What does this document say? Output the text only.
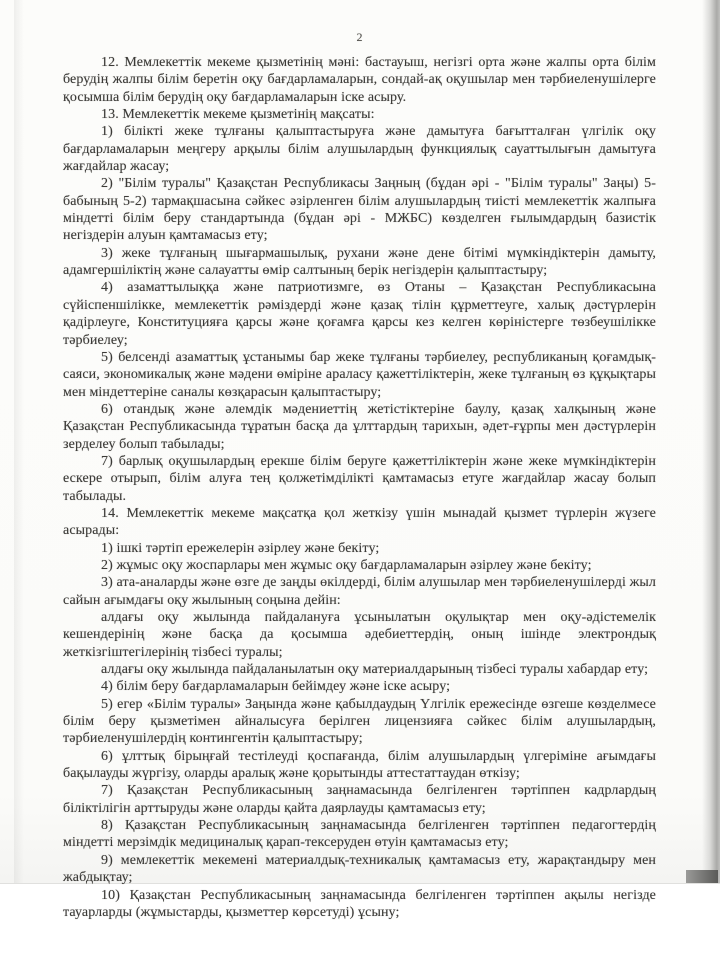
2

12. Мемлекеттік мекеме қызметінің мәні: бастауыш, негізгі орта және жалпы орта білім берудің жалпы білім беретін оқу бағдарламаларын, сондай-ақ оқушылар мен тәрбиеленушілерге қосымша білім берудің оқу бағдарламаларын іске асыру.

13. Мемлекеттік мекеме қызметінің мақсаты:

1) білікті жеке тұлғаны қалыптастыруға және дамытуға бағытталған үлгілік оқу бағдарламаларын меңгеру арқылы білім алушылардың функциялық сауаттылығын дамытуға жағдайлар жасау;

2) "Білім туралы" Қазақстан Республикасы Заңның (бұдан әрі - "Білім туралы" Заңы) 5-бабының 5-2) тармақшасына сәйкес әзірленген білім алушылардың тиісті мемлекеттік жалпыға міндетті білім беру стандартында (бұдан әрі - МЖБС) көзделген ғылымдардың базистік негіздерін алуын қамтамасыз ету;

3) жеке тұлғаның шығармашылық, рухани және дене бітімі мүмкіндіктерін дамыту, адамгершіліктің және салауатты өмір салтының берік негіздерін қалыптастыру;

4) азаматтылыққа және патриотизмге, өз Отаны – Қазақстан Республикасына сүйіспеншілікке, мемлекеттік рәміздерді және қазақ тілін құрметтеуге, халық дәстүрлерін қадірлеуге, Конституцияға қарсы және қоғамға қарсы кез келген көріністерге төзбеушілікке тәрбиелеу;

5) белсенді азаматтық ұстанымы бар жеке тұлғаны тәрбиелеу, республиканың қоғамдық-саяси, экономикалық және мәдени өміріне араласу қажеттіліктерін, жеке тұлғаның өз құқықтары мен міндеттеріне саналы көзқарасын қалыптастыру;

6) отандық және әлемдік мәдениеттің жетістіктеріне баулу, қазақ халқының және Қазақстан Республикасында тұратын басқа да ұлттардың тарихын, әдет-ғұрпы мен дәстүрлерін зерделеу болып табылады;

7) барлық оқушылардың ерекше білім беруге қажеттіліктерін және жеке мүмкіндіктерін ескере отырып, білім алуға тең қолжетімділікті қамтамасыз етуге жағдайлар жасау болып табылады.

14. Мемлекеттік мекеме мақсатқа қол жеткізу үшін мынадай қызмет түрлерін жүзеге асырады:

1) ішкі тәртіп ережелерін әзірлеу және бекіту;

2) жұмыс оқу жоспарлары мен жұмыс оқу бағдарламаларын әзірлеу және бекіту;

3) ата-аналарды және өзге де заңды өкілдерді, білім алушылар мен тәрбиеленушілерді жыл сайын ағымдағы оқу жылының соңына дейін:

алдағы оқу жылында пайдалануға ұсынылатын оқулықтар мен оқу-әдістемелік кешендерінің және басқа да қосымша әдебиеттердің, оның ішінде электрондық жеткізгіштегілерінің тізбесі туралы;

алдағы оқу жылында пайдаланылатын оқу материалдарының тізбесі туралы хабардар ету;

4) білім беру бағдарламаларын бейімдеу және іске асыру;

5) егер «Білім туралы» Заңында және қабылдаудың Үлгілік ережесінде өзгеше көзделмесе білім беру қызметімен айналысуға берілген лицензияға сәйкес білім алушылардың, тәрбиеленушілердің контингентін қалыптастыру;

6) ұлттық бірыңғай тестілеуді қоспағанда, білім алушылардың үлгеріміне ағымдағы бақылауды жүргізу, оларды аралық және қорытынды аттестаттаудан өткізу;

7) Қазақстан Республикасының заңнамасында белгіленген тәртіппен кадрлардың біліктілігін арттыруды және оларды қайта даярлауды қамтамасыз ету;

8) Қазақстан Республикасының заңнамасында белгіленген тәртіппен педагогтердің міндетті мерзімдік медициналық қарап-тексеруден өтуін қамтамасыз ету;

9) мемлекеттік мекемені материалдық-техникалық қамтамасыз ету, жарақтандыру мен жабдықтау;

10) Қазақстан Республикасының заңнамасында белгіленген тәртіппен ақылы негізде тауарларды (жұмыстарды, қызметтер көрсетуді) ұсыну;
